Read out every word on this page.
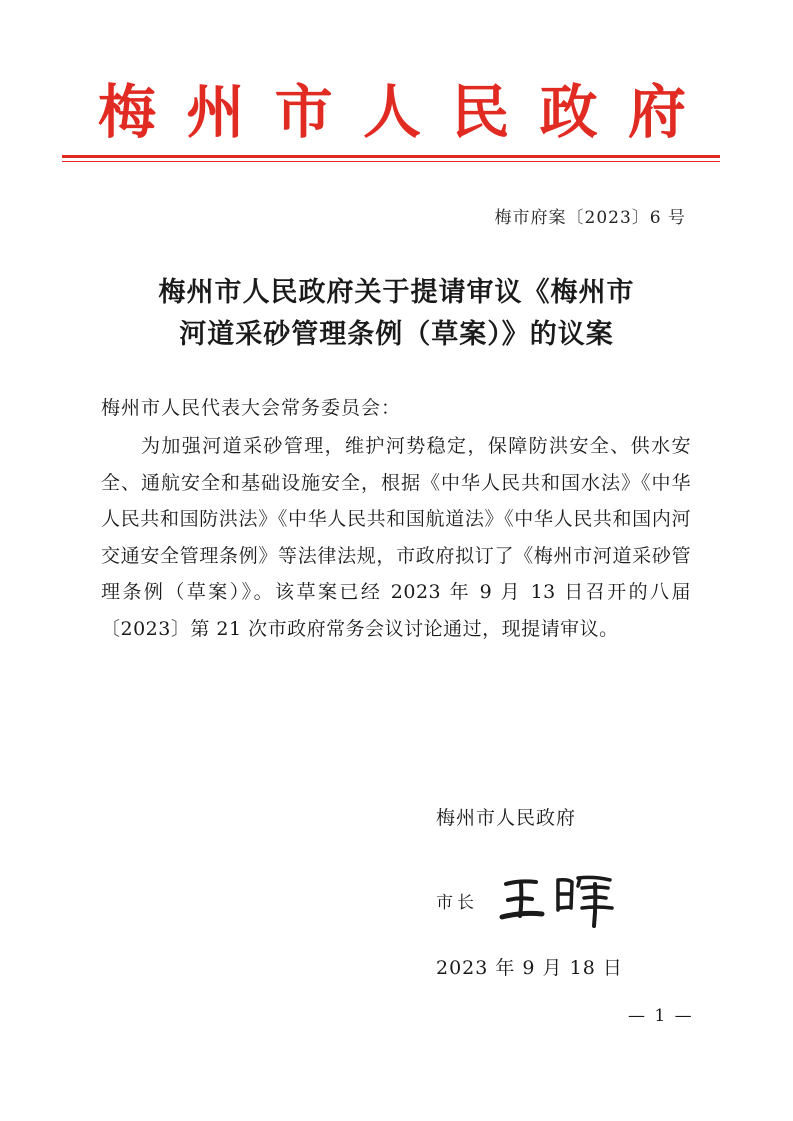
梅 州 市 人 民 政 府
梅市府案〔2023〕6 号
梅州市人民政府关于提请审议《梅州市
河道采砂管理条例（草案）》的议案
梅州市人民代表大会常务委员会：
为加强河道采砂管理，维护河势稳定，保障防洪安全、供水安全、通航安全和基础设施安全，根据《中华人民共和国水法》《中华人民共和国防洪法》《中华人民共和国航道法》《中华人民共和国内河交通安全管理条例》等法律法规，市政府拟订了《梅州市河道采砂管理条例（草案）》。该草案已经 2023 年 9 月 13 日召开的八届〔2023〕第 21 次市政府常务会议讨论通过，现提请审议。
梅州市人民政府
市长
2023 年 9 月 18 日
— 1 —
